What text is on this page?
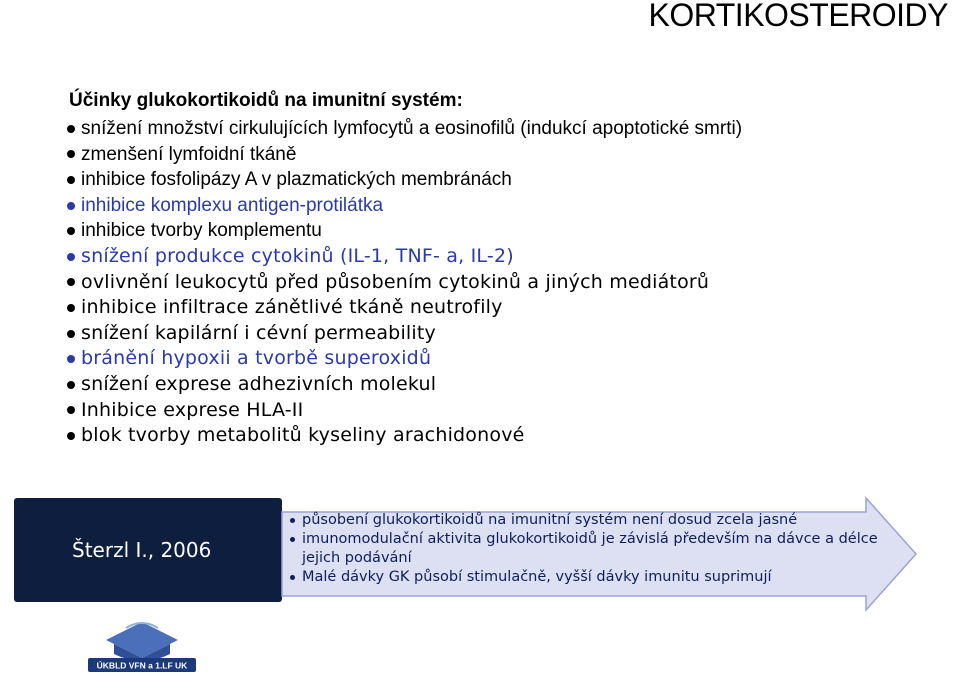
KORTIKOSTEROIDY
Účinky glukokortikoidů na imunitní systém:
snížení množství cirkulujících lymfocytů a eosinofilů (indukcí apoptotické smrti)
zmenšení lymfoidní tkáně
inhibice fosfolipázy A v plazmatických membránách
inhibice komplexu antigen-protilátka
inhibice tvorby komplementu
snížení produkce cytokinů (IL-1, TNF- a, IL-2)
ovlivnění leukocytů před působením cytokinů a jiných mediátorů
inhibice infiltrace zánětlivé tkáně neutrofily
snížení kapilární i cévní permeability
bránění hypoxii a tvorbě superoxidů
snížení exprese adhezivních molekul
Inhibice exprese HLA-II
blok tvorby metabolitů kyseliny arachidonové
Šterzl I., 2006
působení glukokortikoidů na imunitní systém není dosud zcela jasné
imunomodulační aktivita glukokortikoidů je závislá především na dávce a délce jejich podávání
Malé dávky GK působí stimulačně, vyšší dávky imunitu suprimují
ÚKBLD VFN a 1.LF UK
